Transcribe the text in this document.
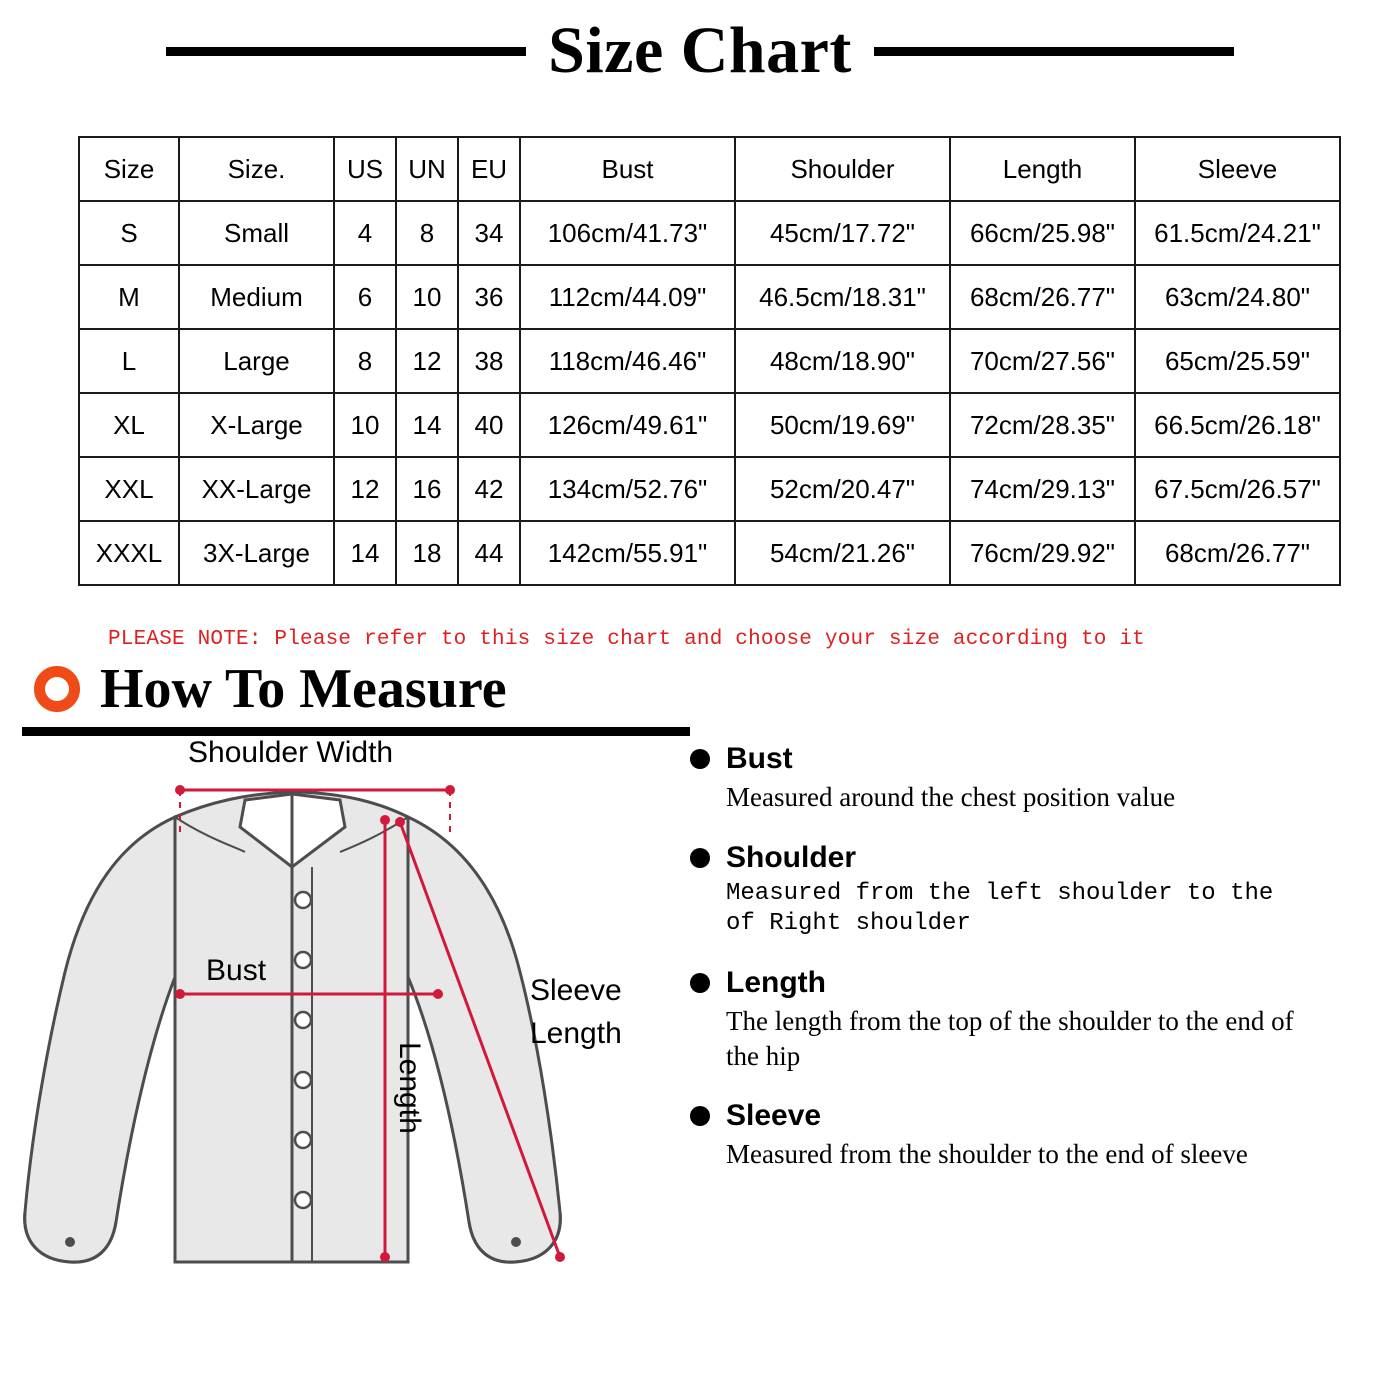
Size Chart
Size	Size.	US	UN	EU	Bust	Shoulder	Length	Sleeve
S	Small	4	8	34	106cm/41.73"	45cm/17.72"	66cm/25.98"	61.5cm/24.21"
M	Medium	6	10	36	112cm/44.09"	46.5cm/18.31"	68cm/26.77"	63cm/24.80"
L	Large	8	12	38	118cm/46.46"	48cm/18.90"	70cm/27.56"	65cm/25.59"
XL	X-Large	10	14	40	126cm/49.61"	50cm/19.69"	72cm/28.35"	66.5cm/26.18"
XXL	XX-Large	12	16	42	134cm/52.76"	52cm/20.47"	74cm/29.13"	67.5cm/26.57"
XXXL	3X-Large	14	18	44	142cm/55.91"	54cm/21.26"	76cm/29.92"	68cm/26.77"
PLEASE NOTE: Please refer to this size chart and choose your size according to it
How To Measure
Shoulder Width
Bust
Length
Sleeve
Length
Bust
Measured around the chest position value
Shoulder
Measured from the left shoulder to the of Right shoulder
Length
The length from the top of the shoulder to the end of the hip
Sleeve
Measured from the shoulder to the end of sleeve
